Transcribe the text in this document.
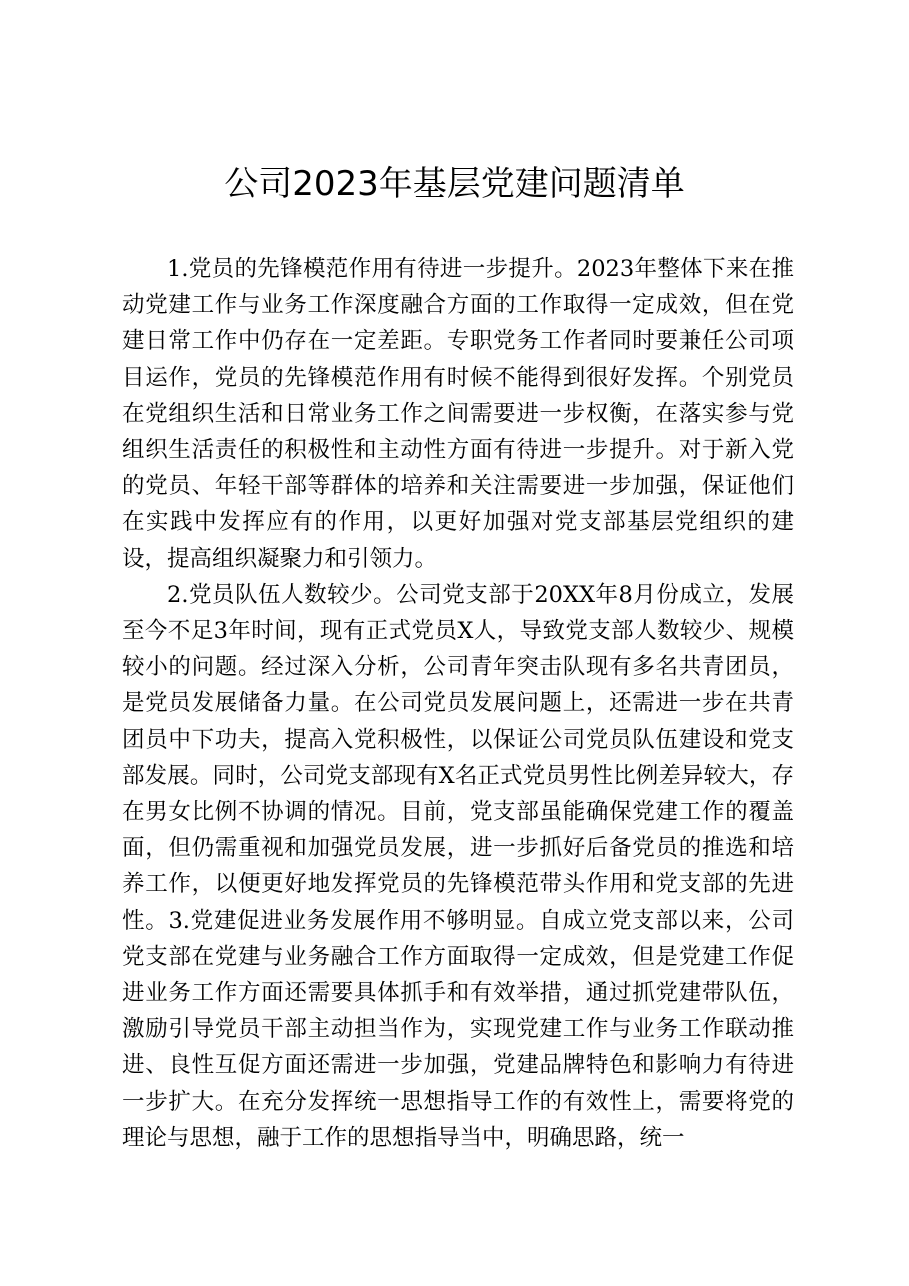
公司2023年基层党建问题清单

1.党员的先锋模范作用有待进一步提升。2023年整体下来在推动党建工作与业务工作深度融合方面的工作取得一定成效，但在党建日常工作中仍存在一定差距。专职党务工作者同时要兼任公司项目运作，党员的先锋模范作用有时候不能得到很好发挥。个别党员在党组织生活和日常业务工作之间需要进一步权衡，在落实参与党组织生活责任的积极性和主动性方面有待进一步提升。对于新入党的党员、年轻干部等群体的培养和关注需要进一步加强，保证他们在实践中发挥应有的作用，以更好加强对党支部基层党组织的建设，提高组织凝聚力和引领力。

2.党员队伍人数较少。公司党支部于20XX年8月份成立，发展至今不足3年时间，现有正式党员X人，导致党支部人数较少、规模较小的问题。经过深入分析，公司青年突击队现有多名共青团员，是党员发展储备力量。在公司党员发展问题上，还需进一步在共青团员中下功夫，提高入党积极性，以保证公司党员队伍建设和党支部发展。同时，公司党支部现有X名正式党员男性比例差异较大，存在男女比例不协调的情况。目前，党支部虽能确保党建工作的覆盖面，但仍需重视和加强党员发展，进一步抓好后备党员的推选和培养工作，以便更好地发挥党员的先锋模范带头作用和党支部的先进性。3.党建促进业务发展作用不够明显。自成立党支部以来，公司党支部在党建与业务融合工作方面取得一定成效，但是党建工作促进业务工作方面还需要具体抓手和有效举措，通过抓党建带队伍，激励引导党员干部主动担当作为，实现党建工作与业务工作联动推进、良性互促方面还需进一步加强，党建品牌特色和影响力有待进一步扩大。在充分发挥统一思想指导工作的有效性上，需要将党的理论与思想，融于工作的思想指导当中，明确思路，统一
